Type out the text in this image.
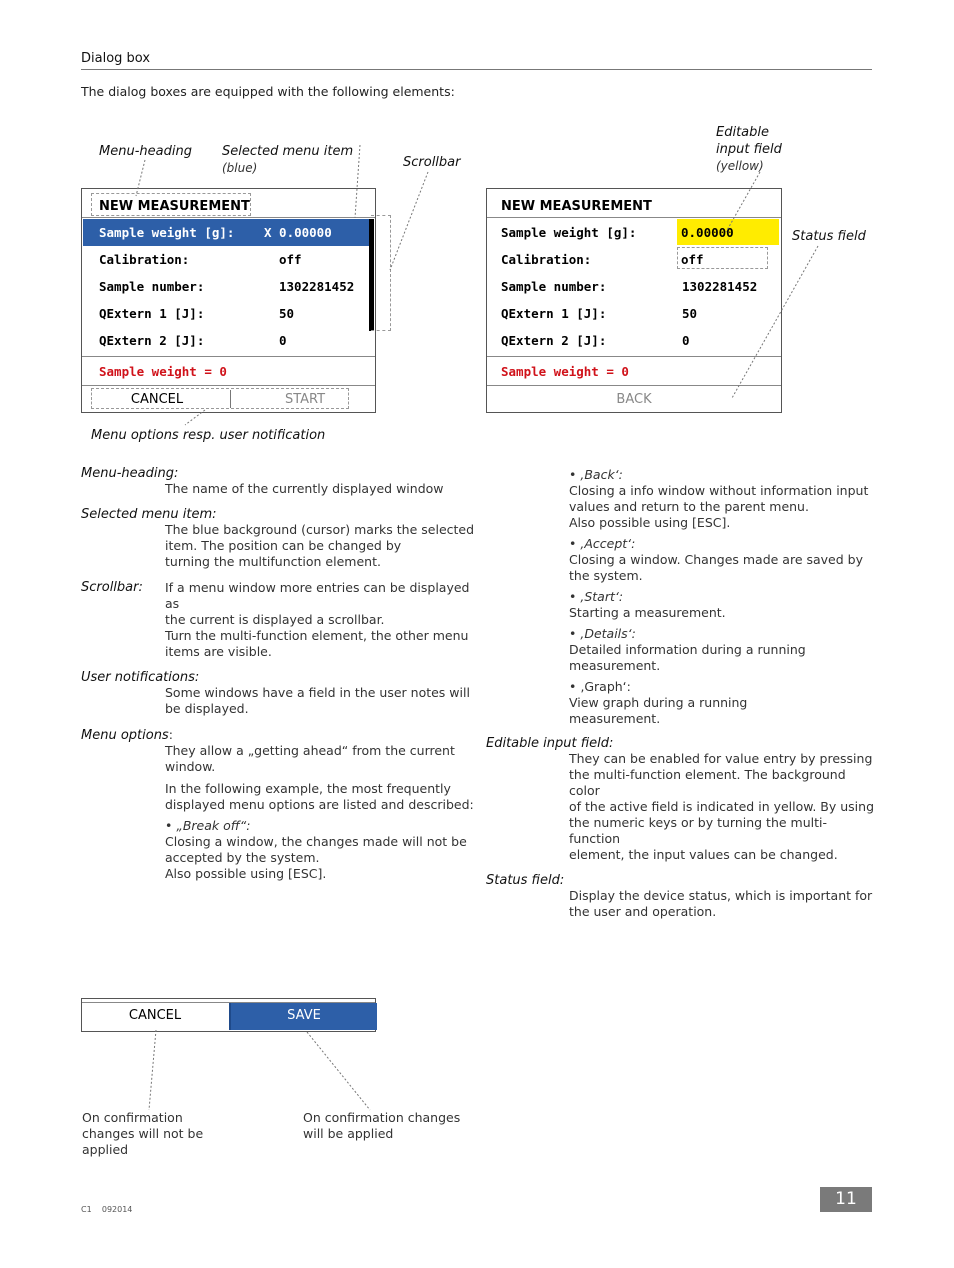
Dialog box
The dialog boxes are equipped with the following elements:
Menu-heading Selected menu item
(blue)	Scrollbar
Editable
input field
(yellow)
Status field
Menu options resp. user notification
NEW MEASUREMENT
Sample weight [g]: X 0.00000
Calibration:	off
Sample number:	1302281452
QExtern 1 [J]:	50
QExtern 2 [J]:	0
Sample weight = 0
CANCEL	START
NEW MEASUREMENT
Sample weight [g]:	0.00000
Calibration:	off
Sample number:	1302281452
QExtern 1 [J]:	50
QExtern 2 [J]:	0
Sample weight = 0
BACK
CANCEL	SAVE
On confirmation
changes will not be
applied
On confirmation changes
will be applied
Menu-heading:
The name of the currently displayed window
Selected menu item:
The blue background (cursor) marks the selected
item. The position can be changed by
turning the multifunction element.
Scrollbar: If a menu window more entries can be displayed as
the current is displayed a scrollbar.
Turn the multi-function element, the other menu
items are visible.
User notifications:
Some windows have a field in the user notes will
be displayed.
Menu options:
They allow a „getting ahead“ from the current
window.
In the following example, the most frequently
displayed menu options are listed and described:
• „Break off“:
Closing a window, the changes made will not be
accepted by the system.
Also possible using [ESC].
• ‚Back‘:
Closing a info window without information input
values and return to the parent menu.
Also possible using [ESC].
• ‚Accept‘:
Closing a window. Changes made are saved by
the system.
• ‚Start‘:
Starting a measurement.
• ‚Details‘:
Detailed information during a running
measurement.
• ‚Graph‘:
View graph during a running
measurement.
Editable input field:
They can be enabled for value entry by pressing
the multi-function element. The background color
of the active field is indicated in yellow. By using
the numeric keys or by turning the multi-function
element, the input values can be changed.
Status field:
Display the device status, which is important for
the user and operation.
C1    092014
11
